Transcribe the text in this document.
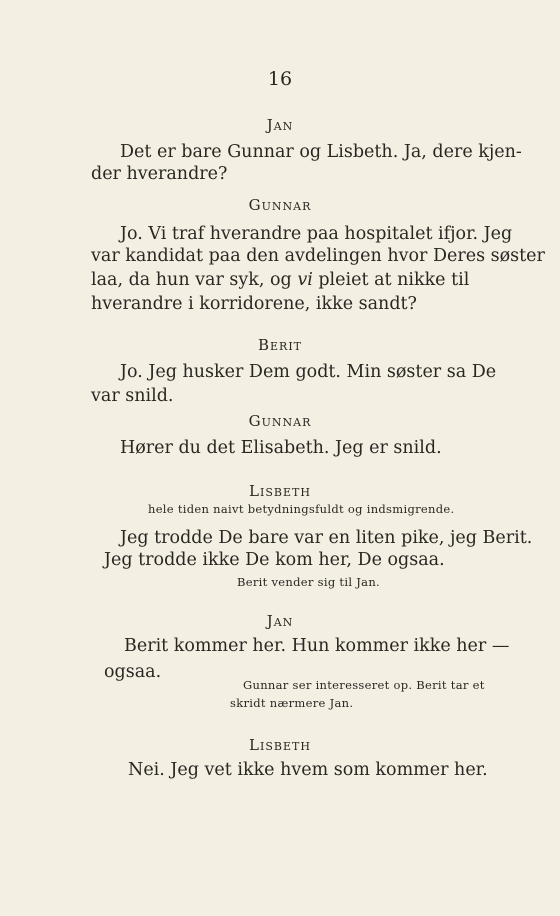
16
Jan
Det er bare Gunnar og Lisbeth. Ja, dere kjen-
der hverandre?
Gunnar
Jo. Vi traf hverandre paa hospitalet ifjor. Jeg
var kandidat paa den avdelingen hvor Deres søster
laa, da hun var syk, og vi pleiet at nikke til
hverandre i korridorene, ikke sandt?
Berit
Jo. Jeg husker Dem godt. Min søster sa De
var snild.
Gunnar
Hører du det Elisabeth. Jeg er snild.
Lisbeth
hele tiden naivt betydningsfuldt og indsmigrende.
Jeg trodde De bare var en liten pike, jeg Berit.
Jeg trodde ikke De kom her, De ogsaa.
Berit vender sig til Jan.
Jan
Berit kommer her. Hun kommer ikke her —
ogsaa.
Gunnar ser interesseret op. Berit tar et
skridt nærmere Jan.
Lisbeth
Nei. Jeg vet ikke hvem som kommer her.
